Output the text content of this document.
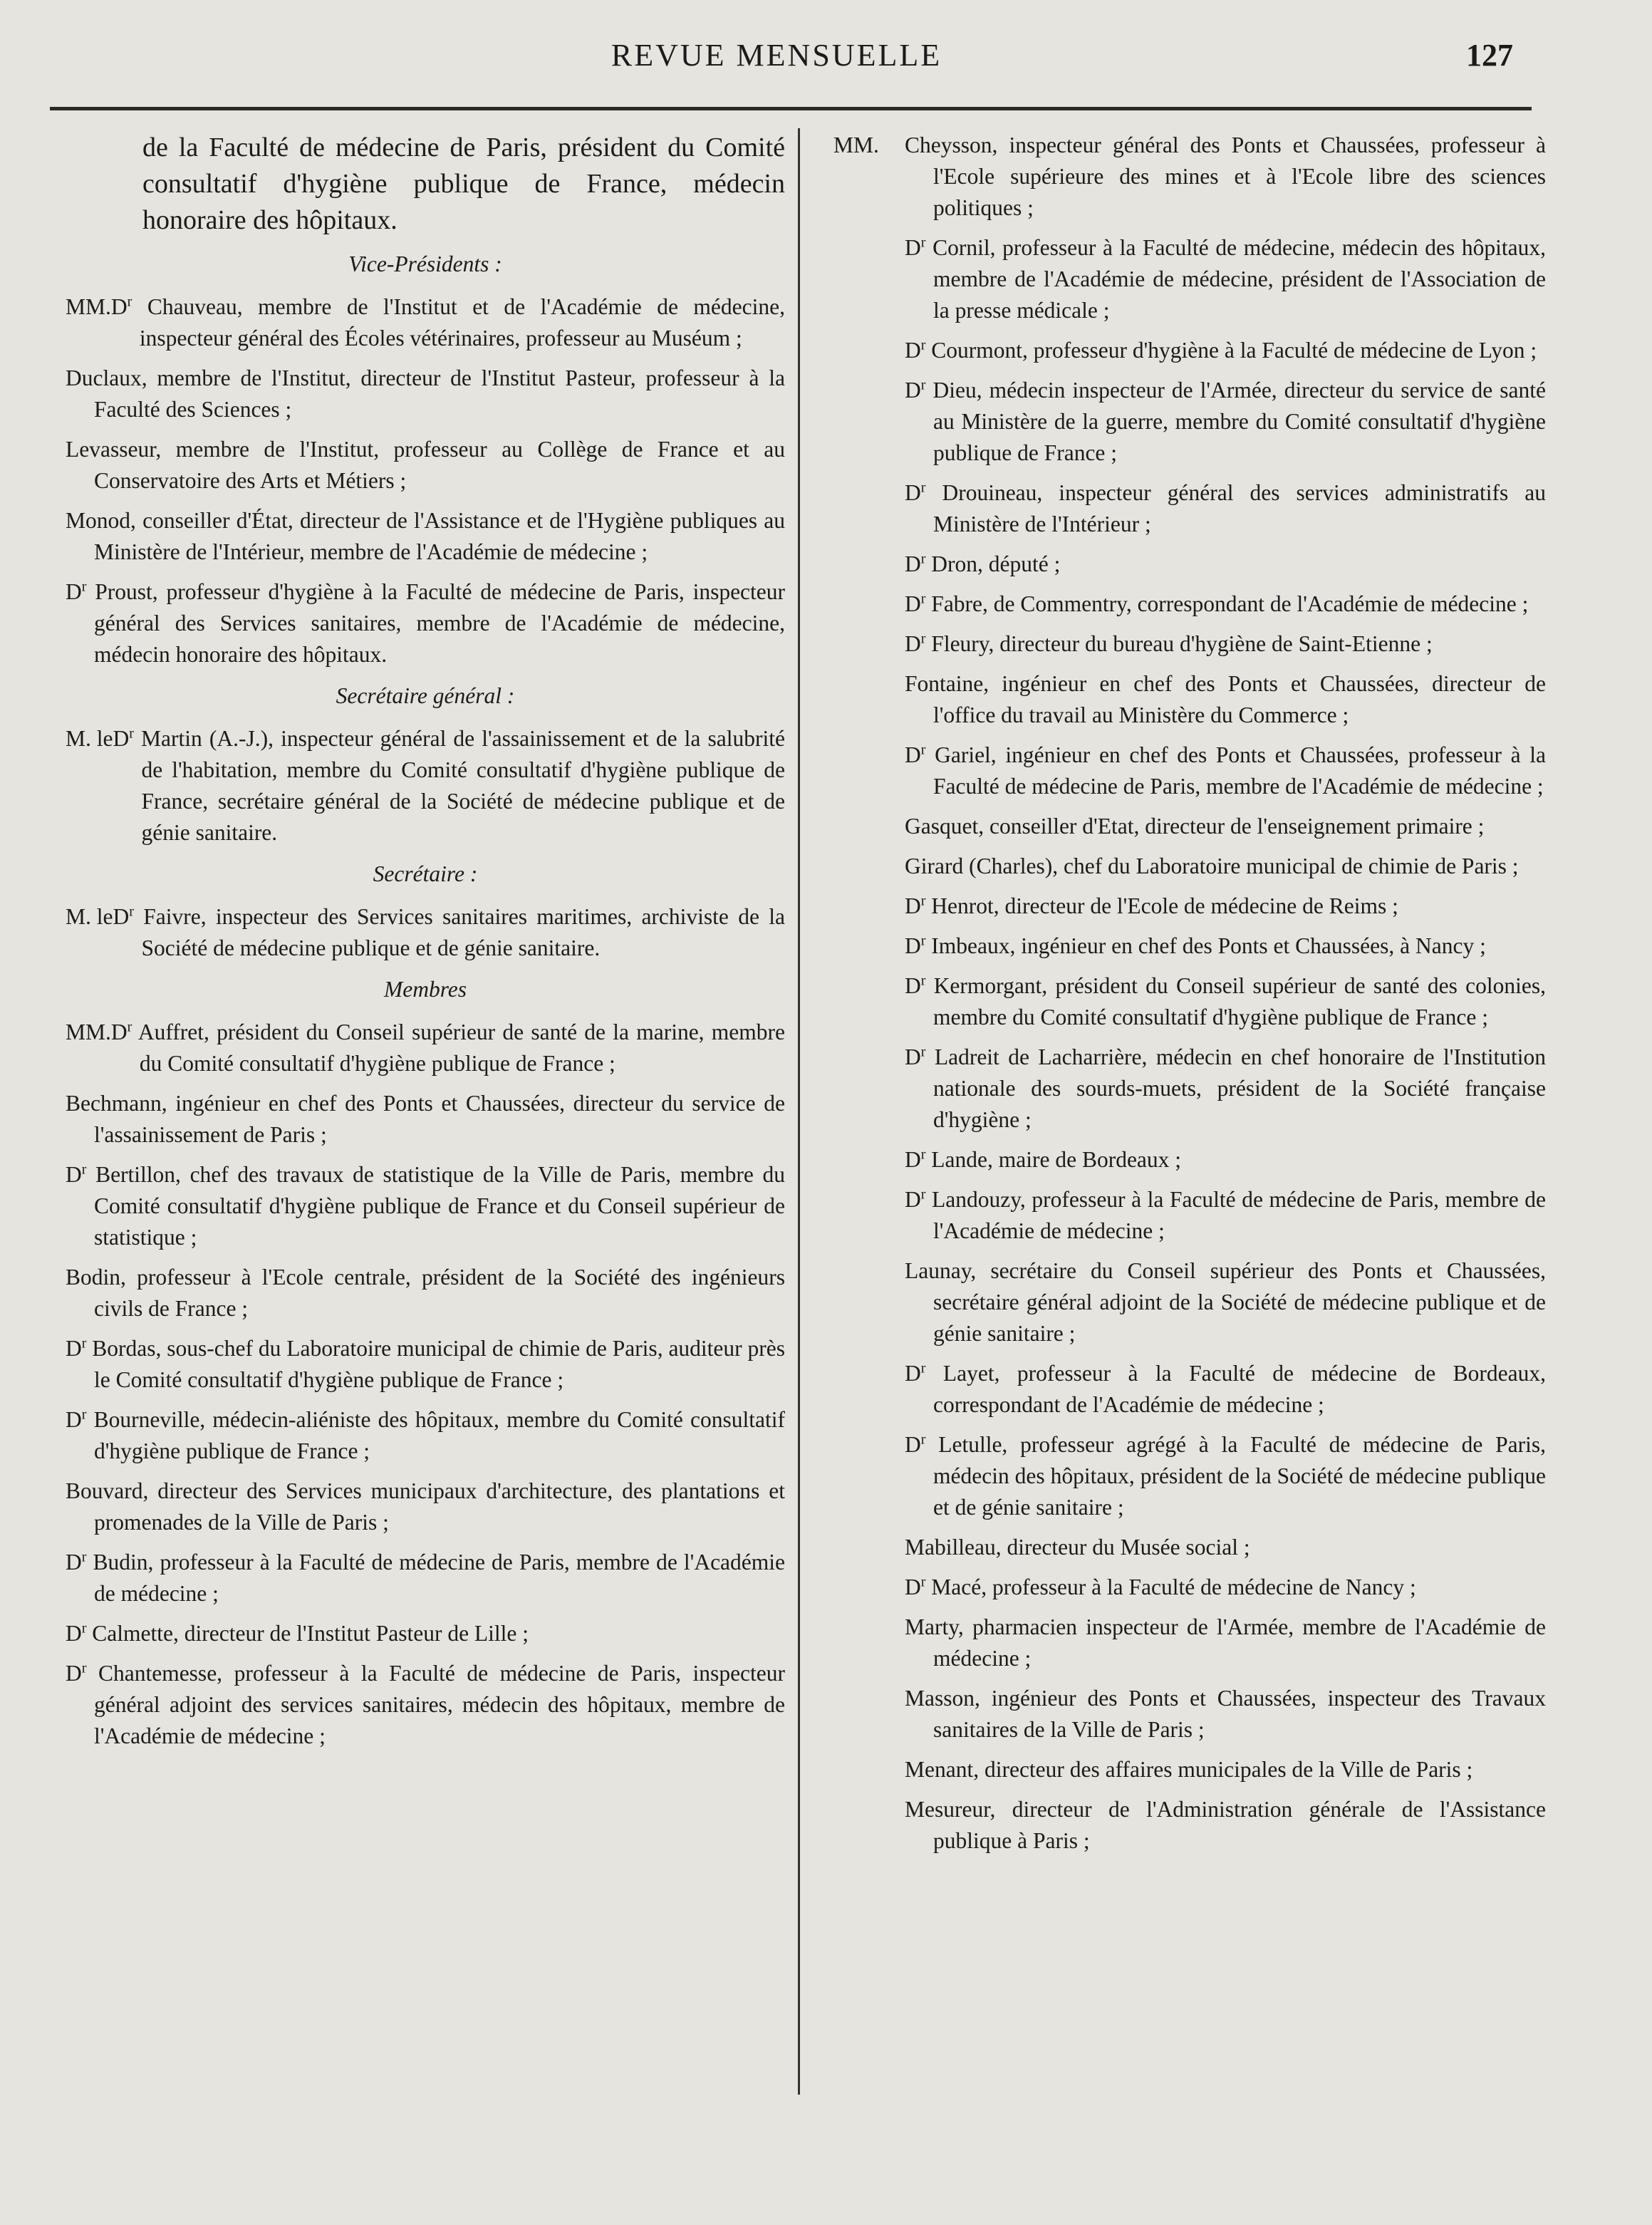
REVUE MENSUELLE	127
de la Faculté de médecine de Paris, président du Comité consultatif d'hygiène publique de France, médecin honoraire des hôpitaux.
Vice-Présidents :
MM. $D^r$ Chauveau, membre de l'Institut et de l'Académie de médecine, inspecteur général des Écoles vétérinaires, professeur au Muséum ;
Duclaux, membre de l'Institut, directeur de l'Institut Pasteur, professeur à la Faculté des Sciences ;
Levasseur, membre de l'Institut, professeur au Collège de France et au Conservatoire des Arts et Métiers ;
Monod, conseiller d'État, directeur de l'Assistance et de l'Hygiène publiques au Ministère de l'Intérieur, membre de l'Académie de médecine ;
$D^r$ Proust, professeur d'hygiène à la Faculté de médecine de Paris, inspecteur général des Services sanitaires, membre de l'Académie de médecine, médecin honoraire des hôpitaux.
Secrétaire général :
M. le $D^r$ Martin (A.-J.), inspecteur général de l'assainissement et de la salubrité de l'habitation, membre du Comité consultatif d'hygiène publique de France, secrétaire général de la Société de médecine publique et de génie sanitaire.
Secrétaire :
M. le $D^r$ Faivre, inspecteur des Services sanitaires maritimes, archiviste de la Société de médecine publique et de génie sanitaire.
Membres
MM. $D^r$ Auffret, président du Conseil supérieur de santé de la marine, membre du Comité consultatif d'hygiène publique de France ;
Bechmann, ingénieur en chef des Ponts et Chaussées, directeur du service de l'assainissement de Paris ;
$D^r$ Bertillon, chef des travaux de statistique de la Ville de Paris, membre du Comité consultatif d'hygiène publique de France et du Conseil supérieur de statistique ;
Bodin, professeur à l'Ecole centrale, président de la Société des ingénieurs civils de France ;
$D^r$ Bordas, sous-chef du Laboratoire municipal de chimie de Paris, auditeur près le Comité consultatif d'hygiène publique de France ;
$D^r$ Bourneville, médecin-aliéniste des hôpitaux, membre du Comité consultatif d'hygiène publique de France ;
Bouvard, directeur des Services municipaux d'architecture, des plantations et promenades de la Ville de Paris ;
$D^r$ Budin, professeur à la Faculté de médecine de Paris, membre de l'Académie de médecine ;
$D^r$ Calmette, directeur de l'Institut Pasteur de Lille ;
$D^r$ Chantemesse, professeur à la Faculté de médecine de Paris, inspecteur général adjoint des services sanitaires, médecin des hôpitaux, membre de l'Académie de médecine ;
MM.	Cheysson, inspecteur général des Ponts et Chaussées, professeur à l'Ecole supérieure des mines et à l'Ecole libre des sciences politiques ;
$D^r$ Cornil, professeur à la Faculté de médecine, médecin des hôpitaux, membre de l'Académie de médecine, président de l'Association de la presse médicale ;
$D^r$ Courmont, professeur d'hygiène à la Faculté de médecine de Lyon ;
$D^r$ Dieu, médecin inspecteur de l'Armée, directeur du service de santé au Ministère de la guerre, membre du Comité consultatif d'hygiène publique de France ;
$D^r$ Drouineau, inspecteur général des services administratifs au Ministère de l'Intérieur ;
$D^r$ Dron, député ;
$D^r$ Fabre, de Commentry, correspondant de l'Académie de médecine ;
$D^r$ Fleury, directeur du bureau d'hygiène de Saint-Etienne ;
Fontaine, ingénieur en chef des Ponts et Chaussées, directeur de l'office du travail au Ministère du Commerce ;
$D^r$ Gariel, ingénieur en chef des Ponts et Chaussées, professeur à la Faculté de médecine de Paris, membre de l'Académie de médecine ;
Gasquet, conseiller d'Etat, directeur de l'enseignement primaire ;
Girard (Charles), chef du Laboratoire municipal de chimie de Paris ;
$D^r$ Henrot, directeur de l'Ecole de médecine de Reims ;
$D^r$ Imbeaux, ingénieur en chef des Ponts et Chaussées, à Nancy ;
$D^r$ Kermorgant, président du Conseil supérieur de santé des colonies, membre du Comité consultatif d'hygiène publique de France ;
$D^r$ Ladreit de Lacharrière, médecin en chef honoraire de l'Institution nationale des sourds-muets, président de la Société française d'hygiène ;
$D^r$ Lande, maire de Bordeaux ;
$D^r$ Landouzy, professeur à la Faculté de médecine de Paris, membre de l'Académie de médecine ;
Launay, secrétaire du Conseil supérieur des Ponts et Chaussées, secrétaire général adjoint de la Société de médecine publique et de génie sanitaire ;
$D^r$ Layet, professeur à la Faculté de médecine de Bordeaux, correspondant de l'Académie de médecine ;
$D^r$ Letulle, professeur agrégé à la Faculté de médecine de Paris, médecin des hôpitaux, président de la Société de médecine publique et de génie sanitaire ;
Mabilleau, directeur du Musée social ;
$D^r$ Macé, professeur à la Faculté de médecine de Nancy ;
Marty, pharmacien inspecteur de l'Armée, membre de l'Académie de médecine ;
Masson, ingénieur des Ponts et Chaussées, inspecteur des Travaux sanitaires de la Ville de Paris ;
Menant, directeur des affaires municipales de la Ville de Paris ;
Mesureur, directeur de l'Administration générale de l'Assistance publique à Paris ;
